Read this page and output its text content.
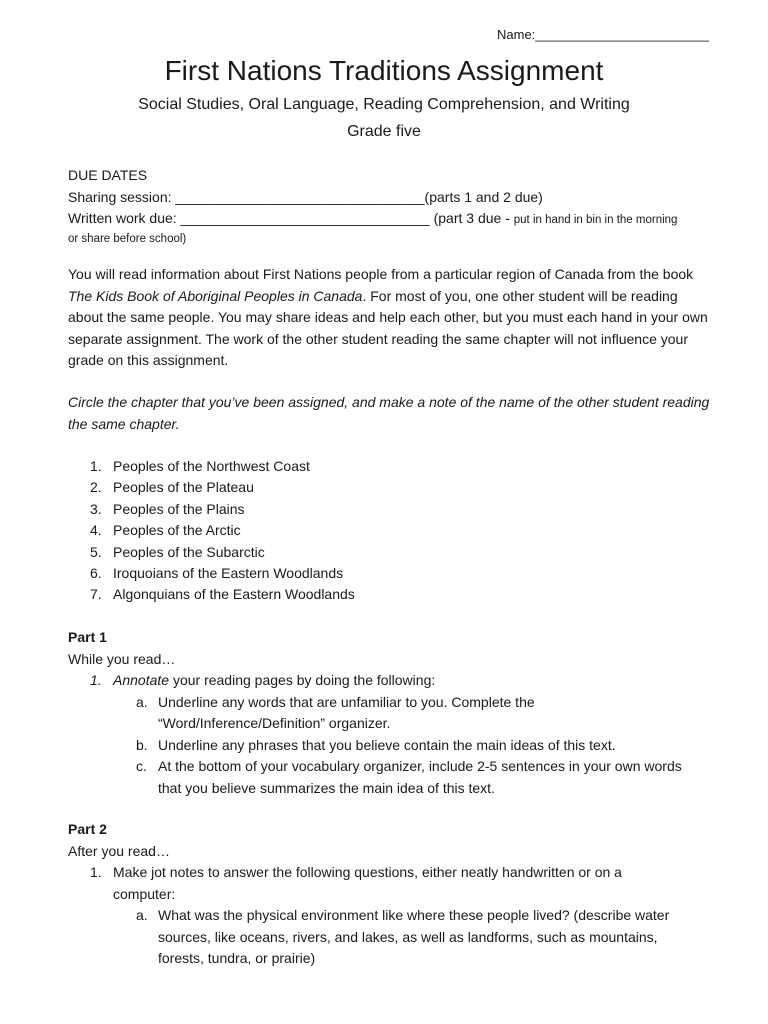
Name:________________________
First Nations Traditions Assignment
Social Studies, Oral Language, Reading Comprehension, and Writing
Grade five
DUE DATES
Sharing session: ________________________________(parts 1 and 2 due)
Written work due: ________________________________ (part 3 due - put in hand in bin in the morning
or share before school)

You will read information about First Nations people from a particular region of Canada from the book The Kids Book of Aboriginal Peoples in Canada. For most of you, one other student will be reading about the same people. You may share ideas and help each other, but you must each hand in your own separate assignment. The work of the other student reading the same chapter will not influence your grade on this assignment.

Circle the chapter that you’ve been assigned, and make a note of the name of the other student reading the same chapter.

1. Peoples of the Northwest Coast
2. Peoples of the Plateau
3. Peoples of the Plains
4. Peoples of the Arctic
5. Peoples of the Subarctic
6. Iroquoians of the Eastern Woodlands
7. Algonquians of the Eastern Woodlands
Part 1
While you read…
1. Annotate your reading pages by doing the following:
a. Underline any words that are unfamiliar to you. Complete the
“Word/Inference/Definition” organizer.
b. Underline any phrases that you believe contain the main ideas of this text.
c. At the bottom of your vocabulary organizer, include 2-5 sentences in your own words
that you believe summarizes the main idea of this text.
Part 2
After you read…
1. Make jot notes to answer the following questions, either neatly handwritten or on a
computer:
a. What was the physical environment like where these people lived? (describe water
sources, like oceans, rivers, and lakes, as well as landforms, such as mountains,
forests, tundra, or prairie)
